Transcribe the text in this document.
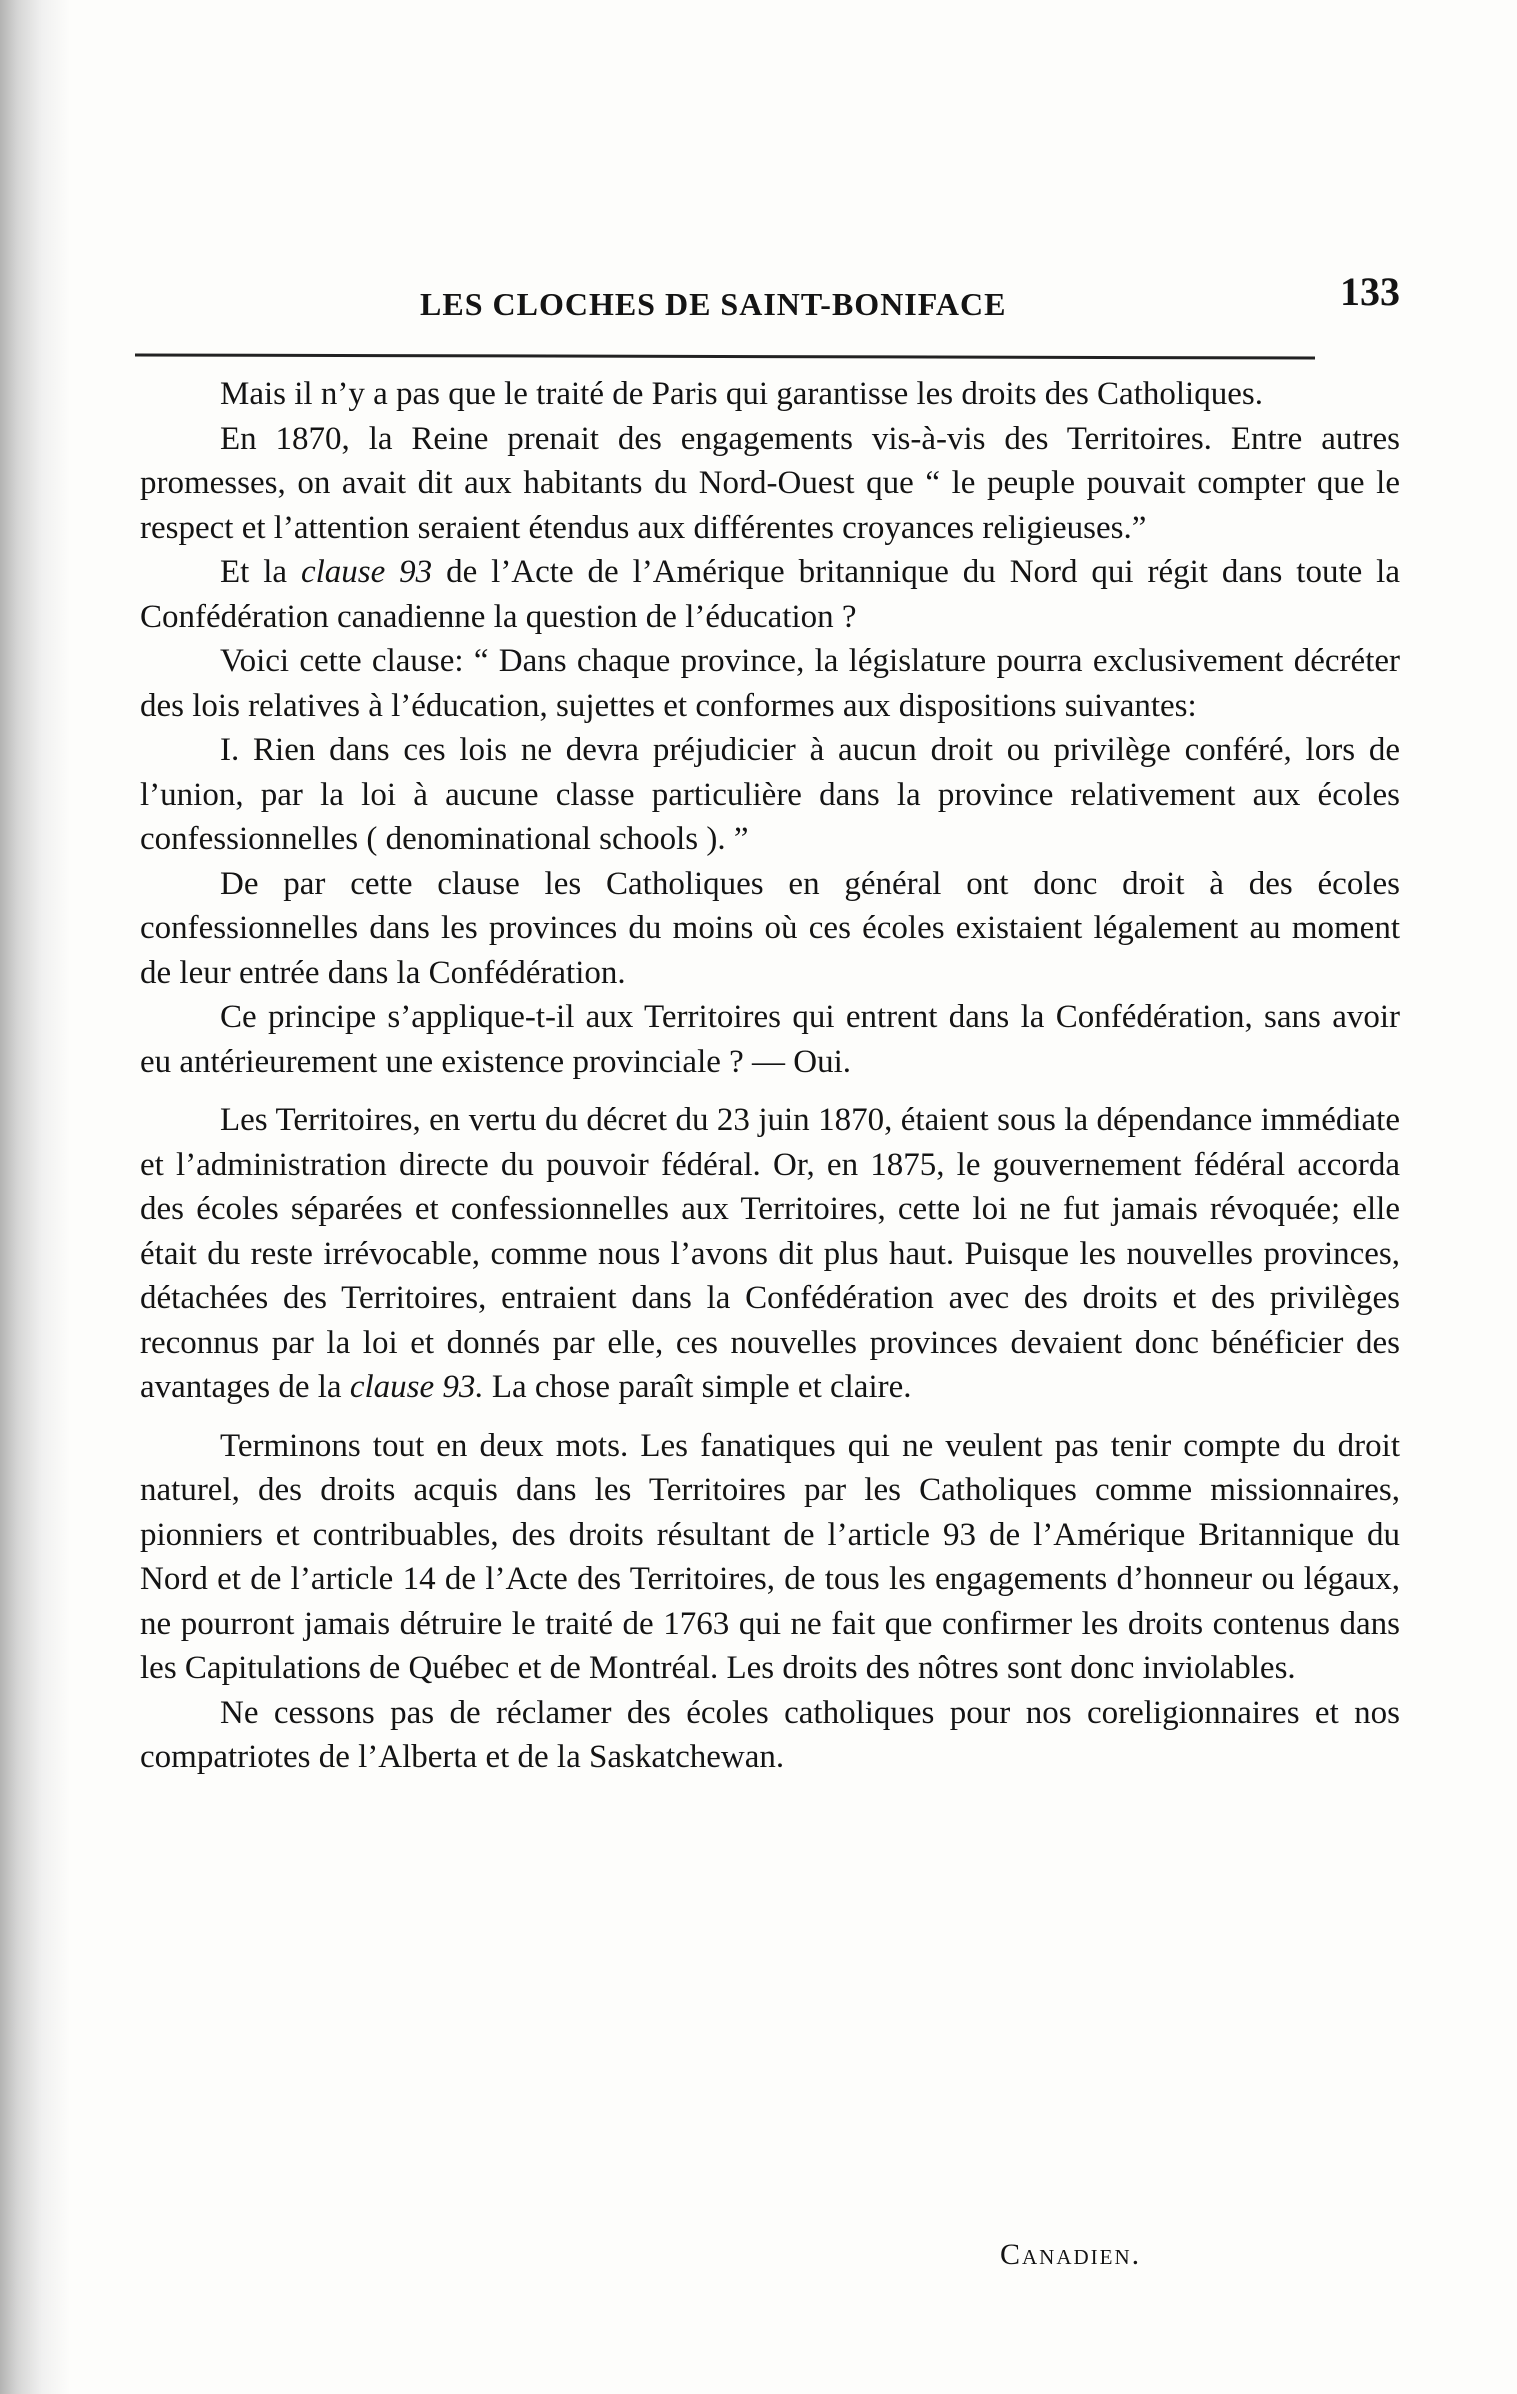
LES CLOCHES DE SAINT-BONIFACE	133

Mais il n’y a pas que le traité de Paris qui garantisse les droits des Catholiques.

En 1870, la Reine prenait des engagements vis-à-vis des Territoires. Entre autres promesses, on avait dit aux habitants du Nord-Ouest que “ le peuple pouvait compter que le respect et l’attention seraient étendus aux différentes croyances religieuses.”

Et la clause 93 de l’Acte de l’Amérique britannique du Nord qui régit dans toute la Confédération canadienne la question de l’éducation ?

Voici cette clause: “ Dans chaque province, la législature pourra exclusivement décréter des lois relatives à l’éducation, sujettes et conformes aux dispositions suivantes:

I. Rien dans ces lois ne devra préjudicier à aucun droit ou privilège conféré, lors de l’union, par la loi à aucune classe particulière dans la province relativement aux écoles confessionnelles ( denominational schools ). ”

De par cette clause les Catholiques en général ont donc droit à des écoles confessionnelles dans les provinces du moins où ces écoles existaient légalement au moment de leur entrée dans la Confédération.

Ce principe s’applique-t-il aux Territoires qui entrent dans la Confédération, sans avoir eu antérieurement une existence provinciale ? — Oui.

Les Territoires, en vertu du décret du 23 juin 1870, étaient sous la dépendance immédiate et l’administration directe du pouvoir fédéral. Or, en 1875, le gouvernement fédéral accorda des écoles séparées et confessionnelles aux Territoires, cette loi ne fut jamais révoquée; elle était du reste irrévocable, comme nous l’avons dit plus haut. Puisque les nouvelles provinces, détachées des Territoires, entraient dans la Confédération avec des droits et des privilèges reconnus par la loi et donnés par elle, ces nouvelles provinces devaient donc bénéficier des avantages de la clause 93. La chose paraît simple et claire.

Terminons tout en deux mots. Les fanatiques qui ne veulent pas tenir compte du droit naturel, des droits acquis dans les Territoires par les Catholiques comme missionnaires, pionniers et contribuables, des droits résultant de l’article 93 de l’Amérique Britannique du Nord et de l’article 14 de l’Acte des Territoires, de tous les engagements d’honneur ou légaux, ne pourront jamais détruire le traité de 1763 qui ne fait que confirmer les droits contenus dans les Capitulations de Québec et de Montréal. Les droits des nôtres sont donc inviolables.

Ne cessons pas de réclamer des écoles catholiques pour nos coreligionnaires et nos compatriotes de l’Alberta et de la Saskatchewan.

Canadien.
